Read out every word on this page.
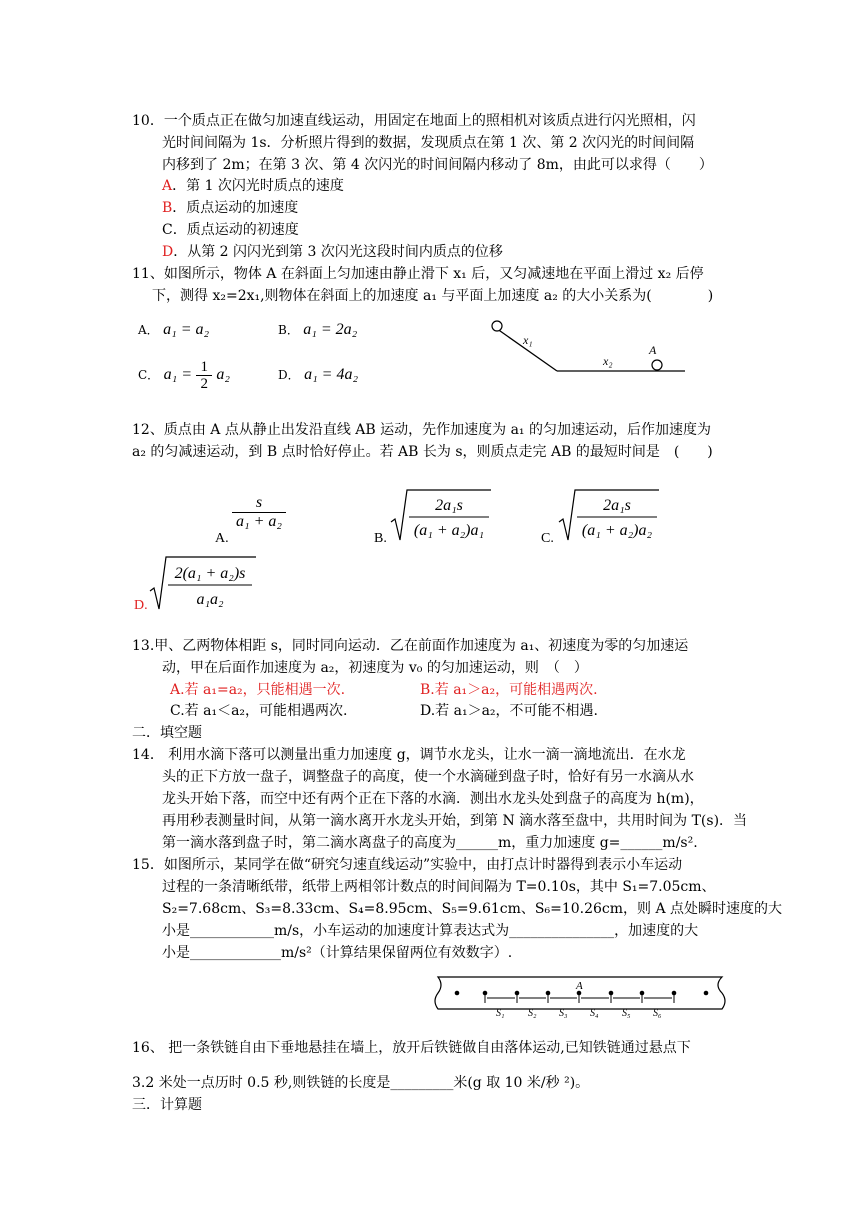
10．一个质点正在做匀加速直线运动，用固定在地面上的照相机对该质点进行闪光照相，闪
光时间间隔为 1s．分析照片得到的数据，发现质点在第 1 次、第 2 次闪光的时间间隔
内移到了 2m；在第 3 次、第 4 次闪光的时间间隔内移动了 8m，由此可以求得（　　）
A．第 1 次闪光时质点的速度
B．质点运动的加速度
C．质点运动的初速度
D．从第 2 闪闪光到第 3 次闪光这段时间内质点的位移
11、如图所示，物体 A 在斜面上匀加速由静止滑下 x₁ 后，又匀减速地在平面上滑过 x₂ 后停
下，测得 x₂=2x₁,则物体在斜面上的加速度 a₁ 与平面上加速度 a₂ 的大小关系为(　　　　)
A． a₁ = a₂	B． a₁ = 2a₂
C． $a_1 = \frac{1}{2} a_2$	D． a₁ = 4a₂
x₁
x₂
A
12、质点由 A 点从静止出发沿直线 AB 运动，先作加速度为 a₁ 的匀加速运动，后作加速度为
a₂ 的匀减速运动，到 B 点时恰好停止。若 AB 长为 s，则质点走完 AB 的最短时间是　(　　)
A.
$\frac{s}{\text{a₁ + a₂}}$
B.
2a₁s
(a₁ + a₂)a₁	C.
2a₁s
(a₁ + a₂)a₂
D.
2(a₁ + a₂)s
a₁a₂
13.甲、乙两物体相距 s，同时同向运动．乙在前面作加速度为 a₁、初速度为零的匀加速运
动，甲在后面作加速度为 a₂，初速度为 v₀ 的匀加速运动，则　（　）
A.若 a₁=a₂，只能相遇一次.	B.若 a₁＞a₂，可能相遇两次.
C.若 a₁＜a₂，可能相遇两次.	D.若 a₁＞a₂，不可能不相遇.
二．填空题
14． 利用水滴下落可以测量出重力加速度 g，调节水龙头，让水一滴一滴地流出．在水龙
头的正下方放一盘子，调整盘子的高度，使一个水滴碰到盘子时，恰好有另一水滴从水
龙头开始下落，而空中还有两个正在下落的水滴．测出水龙头处到盘子的高度为 h(m)，
再用秒表测量时间，从第一滴水离开水龙头开始，到第 N 滴水落至盘中，共用时间为 T(s)．当
第一滴水落到盘子时，第二滴水离盘子的高度为______m，重力加速度 g=______m/s².
15．如图所示，某同学在做“研究匀速直线运动”实验中，由打点计时器得到表示小车运动
过程的一条清晰纸带，纸带上两相邻计数点的时间间隔为 T=0.10s，其中 S₁=7.05cm、
S₂=7.68cm、S₃=8.33cm、S₄=8.95cm、S₅=9.61cm、S₆=10.26cm，则 A 点处瞬时速度的大
小是____________m/s，小车运动的加速度计算表达式为_______________，加速度的大
小是_____________m/s²（计算结果保留两位有效数字）.
A
S₁ S₂ S₃ S₄ S₅ S₆
16、 把一条铁链自由下垂地悬挂在墙上，放开后铁链做自由落体运动,已知铁链通过悬点下
3.2 米处一点历时 0.5 秒,则铁链的长度是_________米(g 取 10 米/秒 ²)。
三．计算题
